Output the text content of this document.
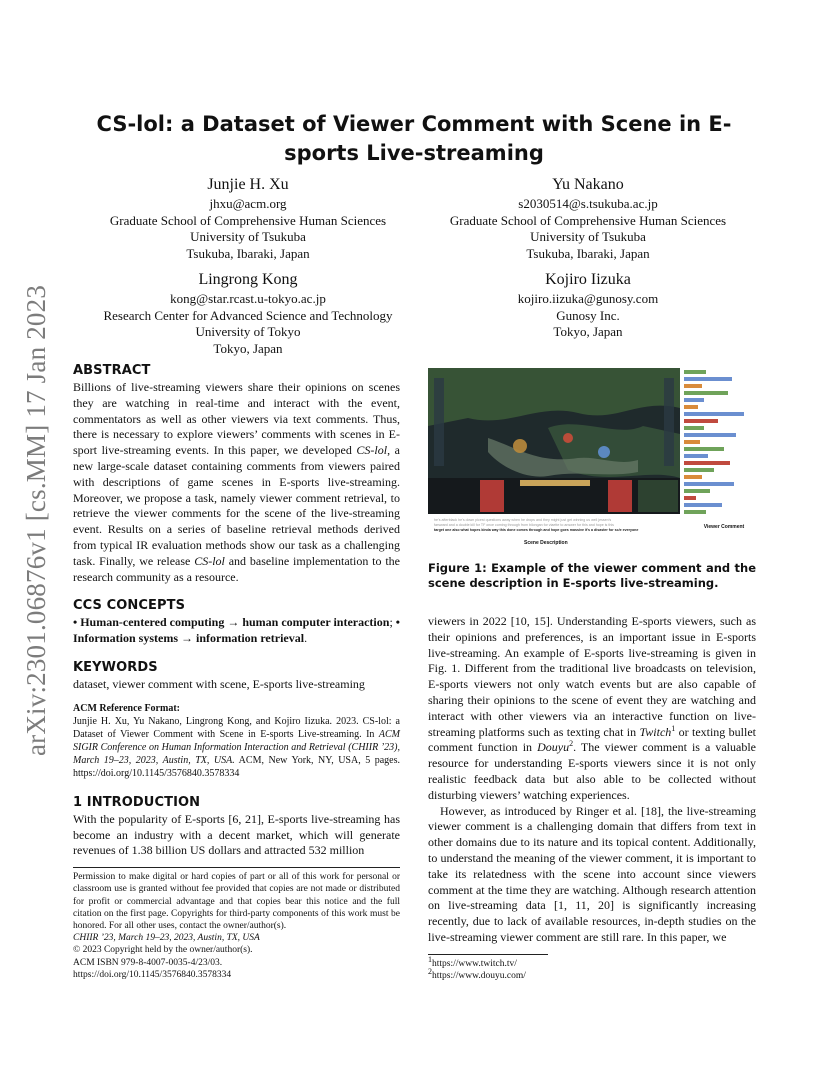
arXiv:2301.06876v1 [cs.MM] 17 Jan 2023
CS-lol: a Dataset of Viewer Comment with Scene in E-sports Live-streaming
Junjie H. Xu
jhxu@acm.org
Graduate School of Comprehensive Human Sciences
University of Tsukuba
Tsukuba, Ibaraki, Japan
Yu Nakano
s2030514@s.tsukuba.ac.jp
Graduate School of Comprehensive Human Sciences
University of Tsukuba
Tsukuba, Ibaraki, Japan
Lingrong Kong
kong@star.rcast.u-tokyo.ac.jp
Research Center for Advanced Science and Technology
University of Tokyo
Tokyo, Japan
Kojiro Iizuka
kojiro.iizuka@gunosy.com
Gunosy Inc.
Tokyo, Japan
ABSTRACT

Billions of live-streaming viewers share their opinions on scenes they are watching in real-time and interact with the event, commentators as well as other viewers via text comments. Thus, there is necessary to explore viewers’ comments with scenes in E-sport live-streaming events. In this paper, we developed CS-lol, a new large-scale dataset containing comments from viewers paired with descriptions of game scenes in E-sports live-streaming. Moreover, we propose a task, namely viewer comment retrieval, to retrieve the viewer comments for the scene of the live-streaming event. Results on a series of baseline retrieval methods derived from typical IR evaluation methods show our task as a challenging task. Finally, we release CS-lol and baseline implementation to the research community as a resource.

CCS CONCEPTS

• Human-centered computing → human computer interaction; • Information systems → information retrieval.

KEYWORDS

dataset, viewer comment with scene, E-sports live-streaming

ACM Reference Format:

Junjie H. Xu, Yu Nakano, Lingrong Kong, and Kojiro Iizuka. 2023. CS-lol: a Dataset of Viewer Comment with Scene in E-sports Live-streaming. In ACM SIGIR Conference on Human Information Interaction and Retrieval (CHIIR ’23), March 19–23, 2023, Austin, TX, USA. ACM, New York, NY, USA, 5 pages. https://doi.org/10.1145/3576840.3578334

1 INTRODUCTION

With the popularity of E-sports [6, 21], E-sports live-streaming has become an industry with a decent market, which will generate revenues of 1.38 billion US dollars and attracted 532 million

Permission to make digital or hard copies of part or all of this work for personal or classroom use is granted without fee provided that copies are not made or distributed for profit or commercial advantage and that copies bear this notice and the full citation on the first page. Copyrights for third-party components of this work must be honored. For all other uses, contact the owner/author(s).

CHIIR ’23, March 19–23, 2023, Austin, TX, USA
© 2023 Copyright held by the owner/author(s).
ACM ISBN 979-8-4007-0035-4/23/03.
https://doi.org/10.1145/3576840.3578334
he’s afterblack he’s down picest questions away when he drops and they might just get winning us well jessen’s
farsward and a double kill for TF once coming through from bilongan for viaette to answer for this and hope is this
target one also what hopes kinda way this done comes through and hope goes massive it’s a disaster for sc/e everyone
Scene Description
Viewer Comment
Figure 1: Example of the viewer comment and the scene description in E-sports live-streaming.

viewers in 2022 [10, 15]. Understanding E-sports viewers, such as their opinions and preferences, is an important issue in E-sports live-streaming. An example of E-sports live-streaming is given in Fig. 1. Different from the traditional live broadcasts on television, E-sports viewers not only watch events but are also capable of sharing their opinions to the scene of event they are watching and interact with other viewers via an interactive function on live-streaming platforms such as texting chat in Twitch$^1$ or texting bullet comment function in Douyu$^2$. The viewer comment is a valuable resource for understanding E-sports viewers since it is not only realistic feedback data but also able to be collected without disturbing viewers’ watching experiences.

However, as introduced by Ringer et al. [18], the live-streaming viewer comment is a challenging domain that differs from text in other domains due to its nature and its topical content. Additionally, to understand the meaning of the viewer comment, it is important to take its relatedness with the scene into account since viewers comment at the time they are watching. Although research attention on live-streaming data [1, 11, 20] is significantly increasing recently, due to lack of available resources, in-depth studies on the live-streaming viewer comment are still rare. In this paper, we

$^1$https://www.twitch.tv/
$^2$https://www.douyu.com/
